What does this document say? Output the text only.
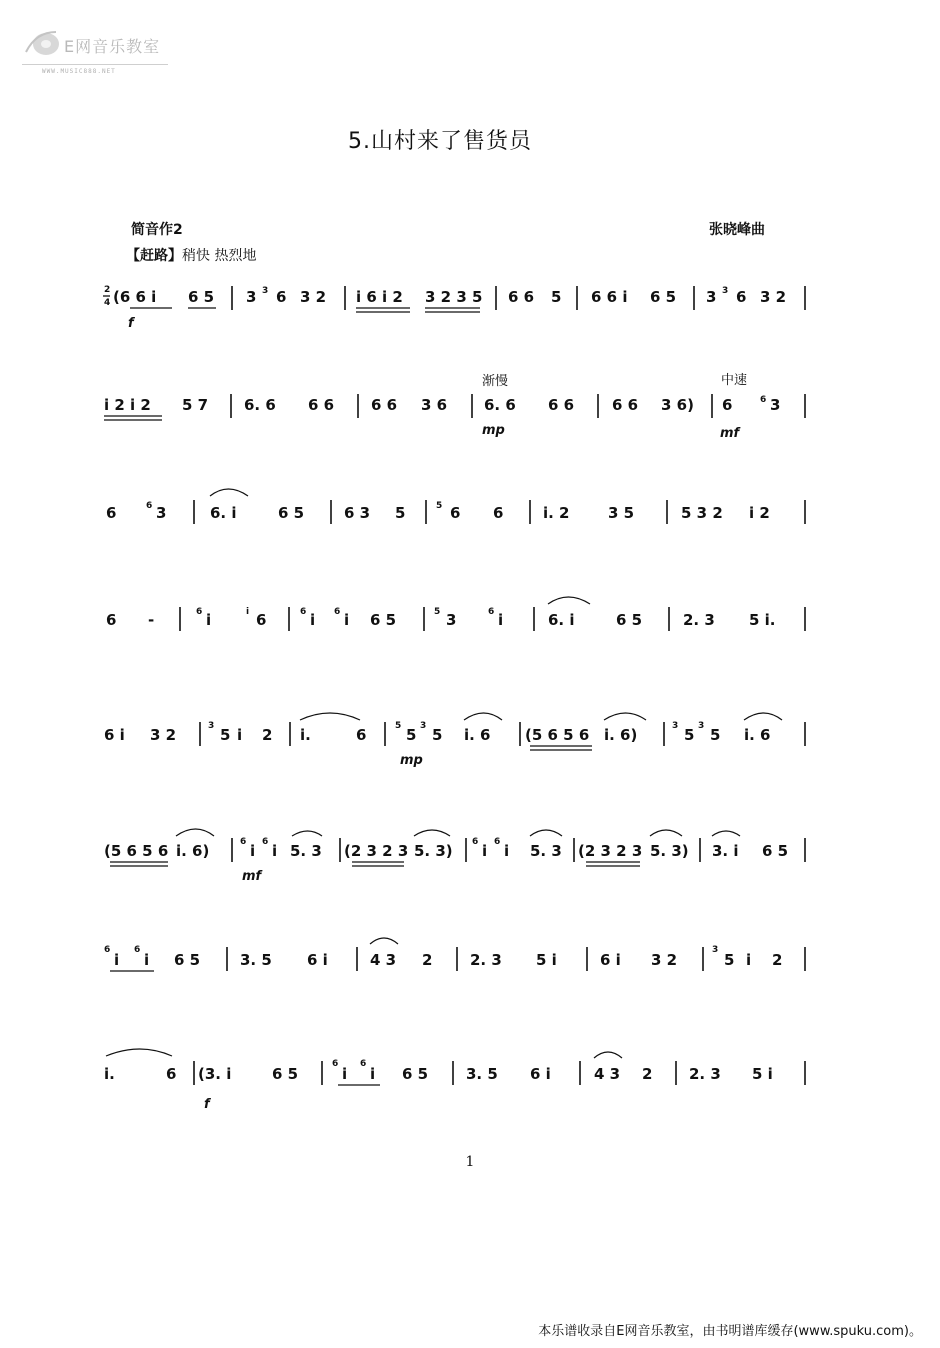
E网音乐教室
WWW.MUSIC888.NET
5.山村来了售货员
简音作2	张晓峰曲
【赶路】稍快 热烈地
2
4 (6 6 i 6 5
f
3 3 6 3 2 i 6 i 2 3 2 3 5 6 6 5 6 6 i 6 5 3 3 6 3 2
i 2 i 2 5 7 6. 6 6 6 6 6 3 6
渐慢
6. 6 6 6
mp
6 6 3 6)
中速
6	6 3
mf
6	6 3	6. i	6 5	6 3 5	5 6 6	i. 2	3 5	5 3 2 i 2
6 -	6 i	i 6	6 i 6 i 6 5	5 3	6 i	6. i	6 5	2. 3 5 i.
6 i 3 2	3 5 i 2 i.	6	5 5 3 5 i. 6
mp
(5 6 5 6 i. 6)	3 5 3 5 i. 6
(5 6 5 6 i. 6)	6 i 6 i 5. 3
mf
(2 3 2 3 5. 3) 6 i 6 i 5. 3 (2 3 2 3 5. 3) 3. i 6 5
6
i
6
i 6 5	3. 5 6 i	4 3 2	2. 3 5 i	6 i 3 2
3
5 i 2
i.	6 (3. i	6 5
f
6
i
6
i 6 5	3. 5 6 i	4 3 2 2. 3 5 i
1
本乐谱收录自E网音乐教室，由书明谱库缓存(www.spuku.com)。
